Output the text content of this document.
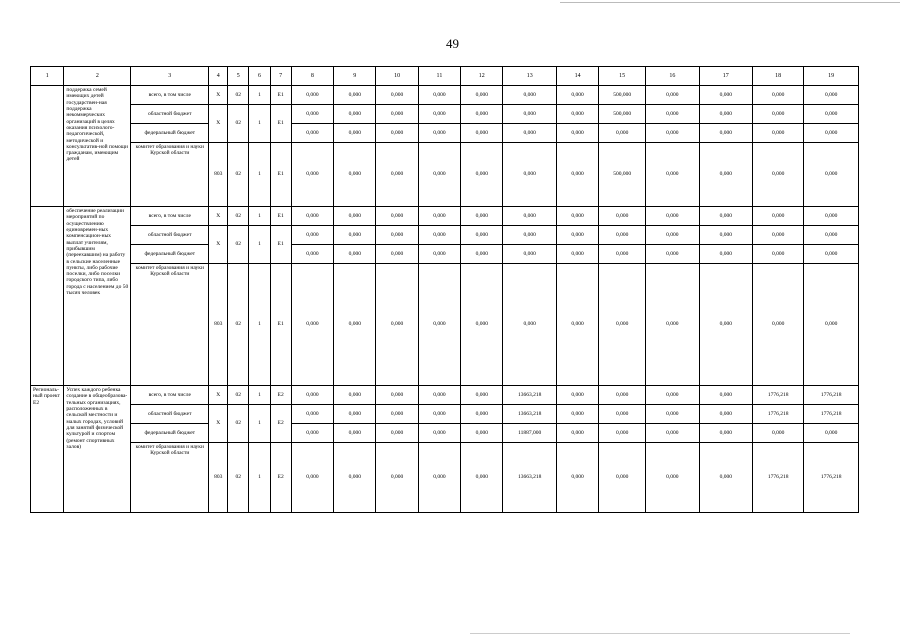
49
1	2	3	4	5	6	7	8	9	10	11	12	13	14	15	16	17	18	19
	поддержка семей имеющих детей государствен-ная поддержка некоммерческих организаций в целях оказания психолого-педагогической, методической и консультатив-ной помощи гражданам, имеющим детей	всего, в том числе	X	02	1	E1	0,000	0,000	0,000	0,000	0,000	0,000	0,000	500,000	0,000	0,000	0,000	0,000
		областной бюджет	X	02	1	E1	0,000	0,000	0,000	0,000	0,000	0,000	0,000	500,000	0,000	0,000	0,000	0,000
		федеральный бюджет					0,000	0,000	0,000	0,000	0,000	0,000	0,000	0,000	0,000	0,000	0,000	0,000
		комитет образования и науки Курской области	803	02	1	E1	0,000	0,000	0,000	0,000	0,000	0,000	0,000	500,000	0,000	0,000	0,000	0,000
	обеспечение реализации мероприятий по осуществлению единовремен-ных компенсацион-ных выплат учителям, прибывшим (переехавшим) на работу в сельские населенные пункты, либо рабочие поселки, либо поселки городского типа, либо города с населением до 50 тысяч человек	всего, в том числе	X	02	1	E1	0,000	0,000	0,000	0,000	0,000	0,000	0,000	0,000	0,000	0,000	0,000	0,000
		областной бюджет	X	02	1	E1	0,000	0,000	0,000	0,000	0,000	0,000	0,000	0,000	0,000	0,000	0,000	0,000
		федеральный бюджет					0,000	0,000	0,000	0,000	0,000	0,000	0,000	0,000	0,000	0,000	0,000	0,000
		комитет образования и науки Курской области	803	02	1	E1	0,000	0,000	0,000	0,000	0,000	0,000	0,000	0,000	0,000	0,000	0,000	0,000
Региональ-ный проект Е2	Успех каждого ребенка создание в общеобразова-тельных организациях, расположенных в сельской местности и малых городах, условий для занятий физической культурой и спортом (ремонт спортивных залов)	всего, в том числе	X	02	1	E2	0,000	0,000	0,000	0,000	0,000	13663,218	0,000	0,000	0,000	0,000	1776,218	1776,218
		областной бюджет	X	02	1	E2	0,000	0,000	0,000	0,000	0,000	13663,218	0,000	0,000	0,000	0,000	1776,218	1776,218
		федеральный бюджет					0,000	0,000	0,000	0,000	0,000	11887,000	0,000	0,000	0,000	0,000	0,000	0,000
		комитет образования и науки Курской области	803	02	1	E2	0,000	0,000	0,000	0,000	0,000	13663,218	0,000	0,000	0,000	0,000	1776,218	1776,218
